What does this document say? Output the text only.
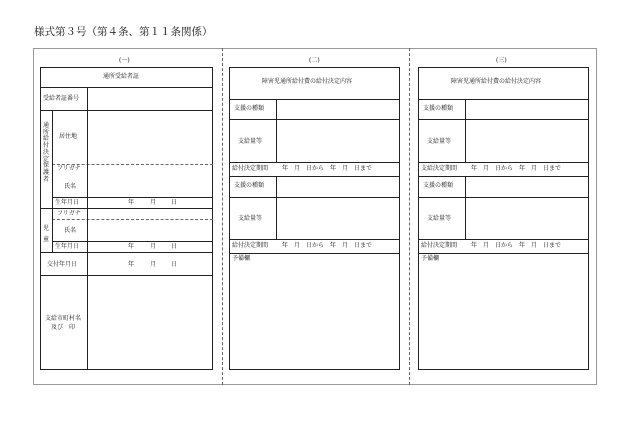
様式第３号（第４条、第１１条関係）
(一)
通所受給者証
受給者証番号
通所給付決定保護者
居住地
フリガナ
氏名
生年月日	年	月 日
児童
フリガナ
氏名
生年月日	年	月 日
交付年月日	年	月 日
支給市町村名
及び　印
(二)
障害児通所給付費の給付決定内容
支援の種類
支給量等
給付決定期間 年　月　日から　年　月　日まで
支援の種類
支給量等
給付決定期間 年　月　日から　年　月　日まで
予備欄
(三)
障害児通所給付費の給付決定内容
支援の種類
支給量等
支給決定期間 年　月　日から　年　月　日まで
支援の種類
支給量等
給付決定期間 年　月　日から　年　月　日まで
予備欄
